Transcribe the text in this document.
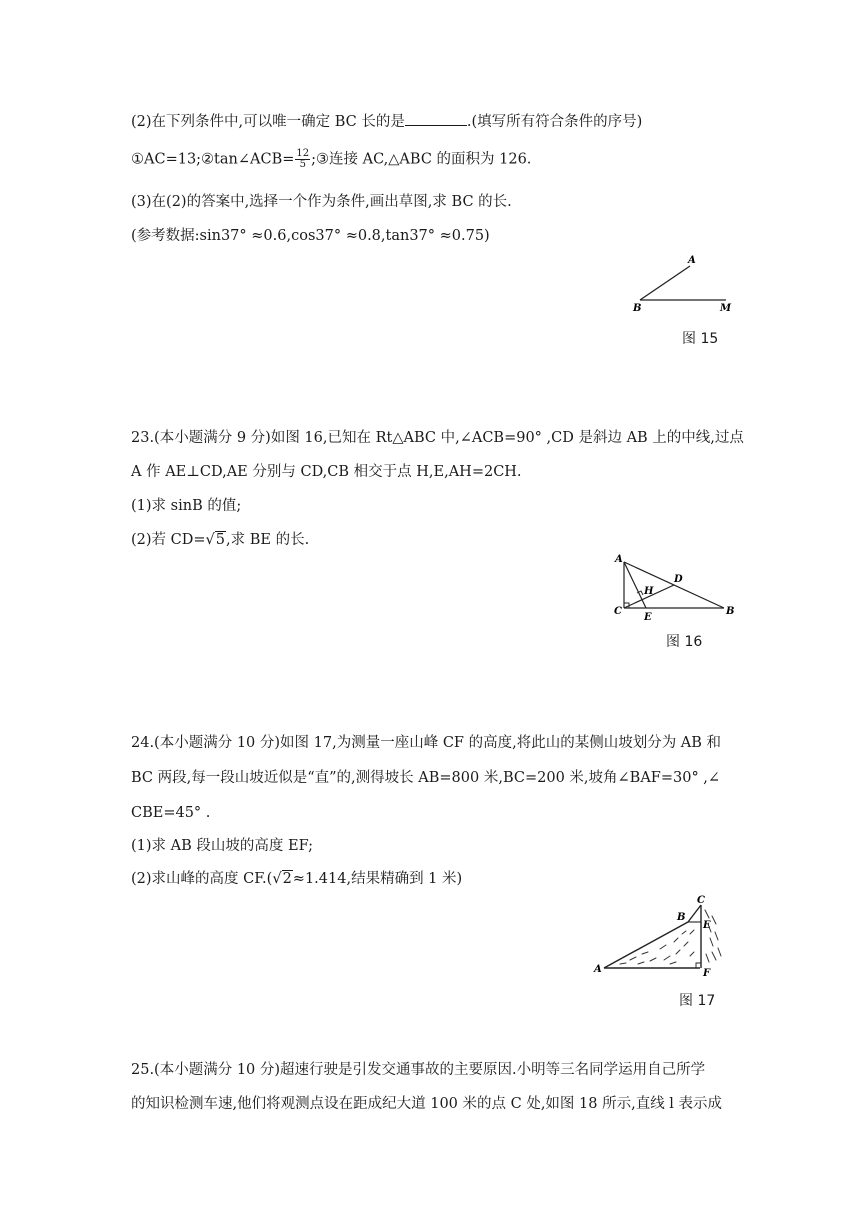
(2)在下列条件中,可以唯一确定 BC 长的是	.(填写所有符合条件的序号)
①AC=13;②tan∠ACB= $\frac{12}{5}$ ;③连接 AC,△ABC 的面积为 126.
(3)在(2)的答案中,选择一个作为条件,画出草图,求 BC 的长.
(参考数据:sin37° ≈0.6,cos37° ≈0.8,tan37° ≈0.75)
A
B	M
图 15
23.(本小题满分 9 分)如图 16,已知在 Rt△ABC 中,∠ACB=90° ,CD 是斜边 AB 上的中线,过点
A 作 AE⊥CD,AE 分别与 CD,CB 相交于点 H,E,AH=2CH.
(1)求 sinB 的值;
(2)若 CD=√5,求 BE 的长.
A
C	B
D
H
E
图 16
24.(本小题满分 10 分)如图 17,为测量一座山峰 CF 的高度,将此山的某侧山坡划分为 AB 和
BC 两段,每一段山坡近似是“直”的,测得坡长 AB=800 米,BC=200 米,坡角∠BAF=30° ,∠
CBE=45° .
(1)求 AB 段山坡的高度 EF;
(2)求山峰的高度 CF.(√2≈1.414,结果精确到 1 米)
A
B
C
E
F
图 17
25.(本小题满分 10 分)超速行驶是引发交通事故的主要原因.小明等三名同学运用自己所学
的知识检测车速,他们将观测点设在距成纪大道 100 米的点 C 处,如图 18 所示,直线 l 表示成
